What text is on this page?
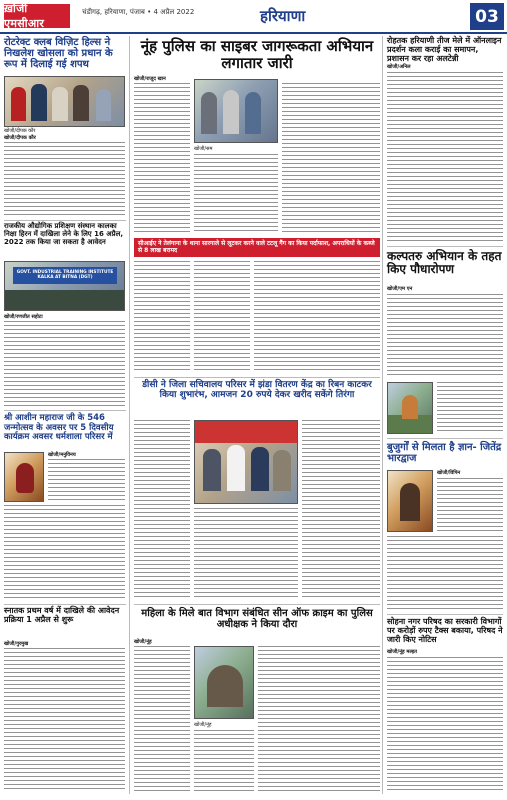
ख़ोजी एमसीआर
चंडीगढ़, हरियाणा, पंजाब • 4 अप्रैल 2022	हरियाणा	03
रोटरेक्ट क्लब विज़िट हिल्स ने निखलेश खोसला को प्रधान के रूप में दिलाई गई शपथ
खोजी/दीपक कौर
खोजी/दीपक कौर
राजकीय औद्योगिक प्रशिक्षण संस्थान कालका निक्षा हिरन में दाखिला लेने के लिए 16 अप्रैल, 2022 तक किया जा सकता है आवेदन
GOVT. INDUSTRIAL TRAINING INSTITUTE KALKA AT BITNA (DGT)
खोजी/रणजीत सहोटा
श्री आशीन महाराज जी के 546 जन्मोत्सव के अवसर पर 5 दिवसीय कार्यक्रम अवसर धर्मशाला परिसर में
खोजी/मनुविनय
स्नातक प्रथम वर्ष में दाखिले की आवेदन प्रक्रिया 1 अप्रैल से शुरू
खोजी/गुरमुख
नूंह पुलिस का साइबर जागरूकता अभियान लगातार जारी
खोजी/राजूद खान
खोजी/सम
सीआईए ने तेलंगाना के थाना सारगाले से लूटकर करने वाले टटलू गैंग का किया पर्दाफाश, अपराधियों के कब्जे से 8 लाख बरामद
डीसी ने जिला सचिवालय परिसर में झंडा वितरण केंद्र का रिबन काटकर किया शुभारंभ, आमजन 20 रुपये देकर खरीद सकेंगे तिरंगा
महिला के मिले बात विभाग संबंधित सीन ऑफ क्राइम का पुलिस अधीक्षक ने किया दौरा
खोजी/नूंह
खोजी/नूंह
रोहतक हरियाणी तीज मेले में ऑनलाइन प्रदर्शन कला कराई का समापन, प्रशासन कर रहा अलटेन्नी
खोजी/अनिल
कल्पतरु अभियान के तहत किए पौधारोपण
खोजी/एम एन
बुजुर्गों से मिलता है ज्ञान- जितेंद्र भारद्वाज
खोजी/विपिन
सोहना नगर परिषद का सरकारी विभागों पर करोड़ों रुपए टैक्स बकाया, परिषद ने जारी किए नोटिस
खोजी/नूंह मल्हत
